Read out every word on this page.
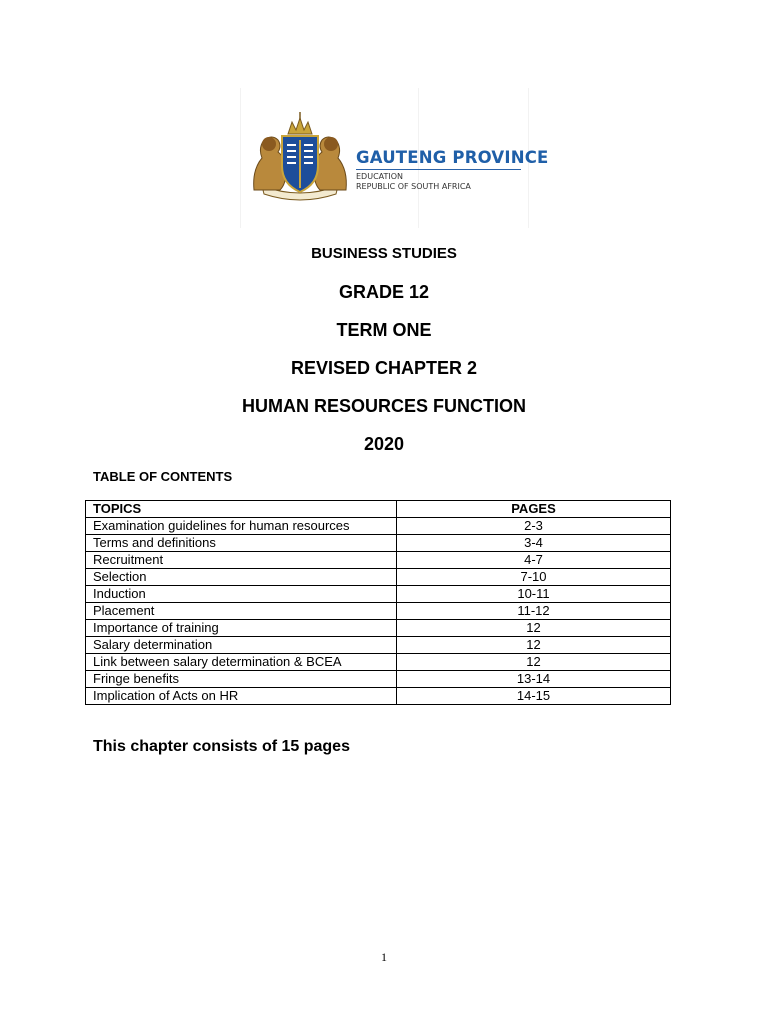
GAUTENG PROVINCE
EDUCATION
REPUBLIC OF SOUTH AFRICA
BUSINESS STUDIES
GRADE 12
TERM ONE
REVISED CHAPTER 2
HUMAN RESOURCES FUNCTION
2020
TABLE OF CONTENTS
TOPICS	PAGES
Examination guidelines for human resources	2-3
Terms and definitions	3-4
Recruitment	4-7
Selection	7-10
Induction	10-11
Placement	11-12
Importance of training	12
Salary determination	12
Link between salary determination & BCEA	12
Fringe benefits	13-14
Implication of Acts on HR	14-15
This chapter consists of 15 pages
1
